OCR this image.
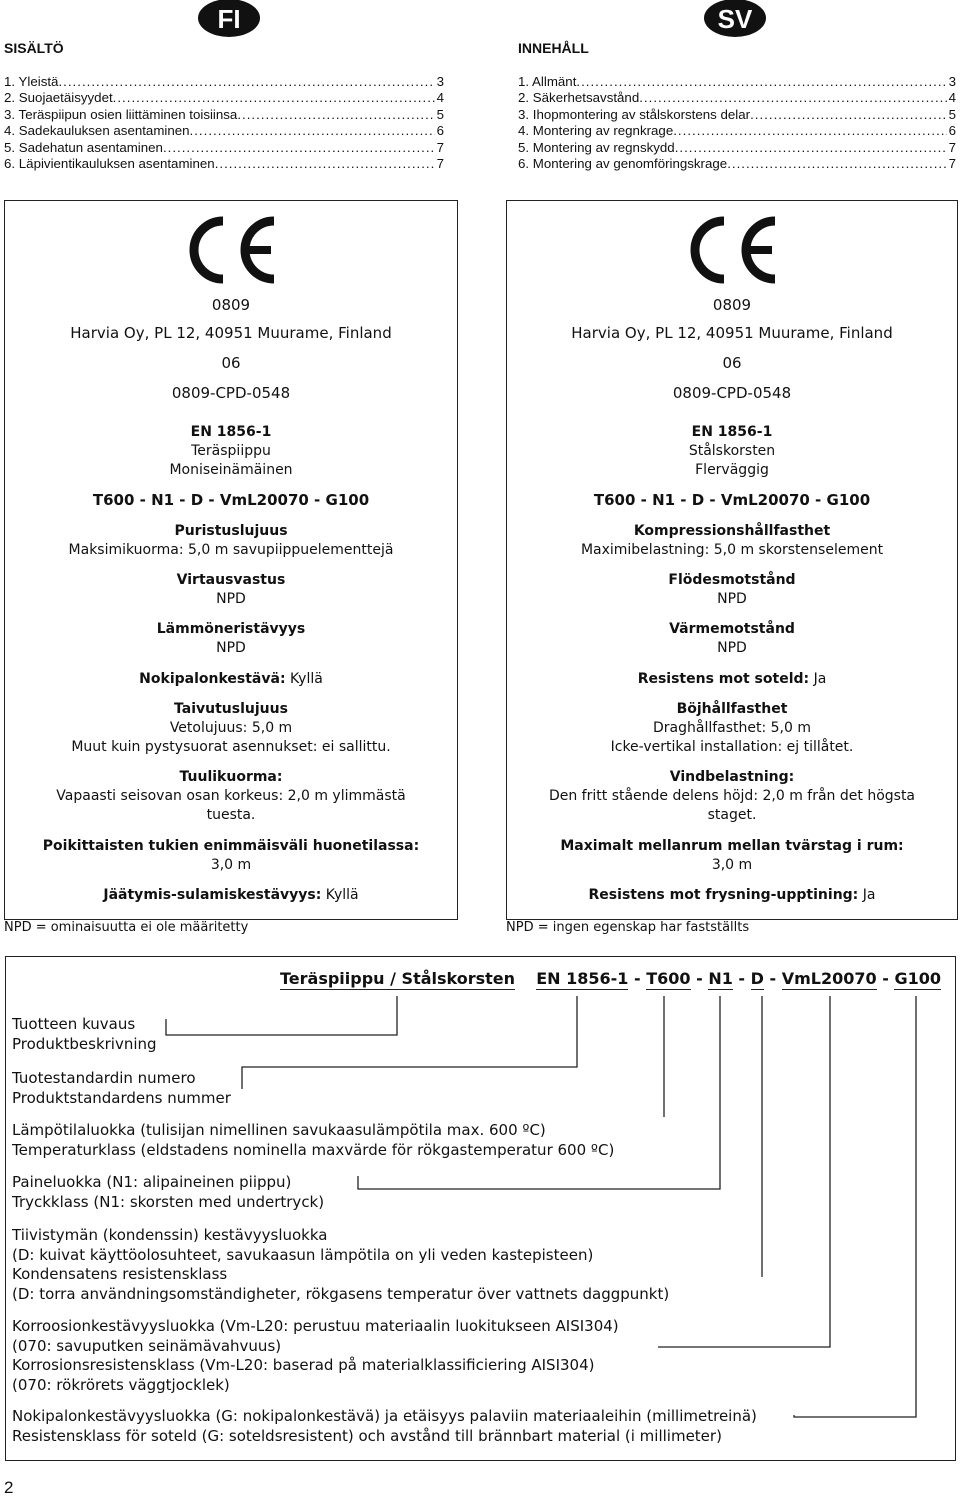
FI	SV
SISÄLTÖ
1. Yleistä .....	3
2. Suojaetäisyydet .....	4
3. Teräspiipun osien liittäminen toisiinsa .....	5
4. Sadekauluksen asentaminen .....	6
5. Sadehatun asentaminen .....	7
6. Läpivientikauluksen asentaminen .....	7
INNEHÅLL
1. Allmänt .....	3
2. Säkerhetsavstånd .....	4
3. Ihopmontering av stålskorstens delar .....	5
4. Montering av regnkrage .....	6
5. Montering av regnskydd .....	7
6. Montering av genomföringskrage .....	7
0809
Harvia Oy, PL 12, 40951 Muurame, Finland
06
0809-CPD-0548
EN 1856-1
Teräspiippu
Moniseinämäinen
T600 - N1 - D - VmL20070 - G100
Puristuslujuus
Maksimikuorma: 5,0 m savupiippuelementtejä
Virtausvastus
NPD
Lämmöneristävyys
NPD
Nokipalonkestävä: Kyllä
Taivutuslujuus
Vetolujuus: 5,0 m
Muut kuin pystysuorat asennukset: ei sallittu.
Tuulikuorma:
Vapaasti seisovan osan korkeus: 2,0 m ylimmästä
tuesta.
Poikittaisten tukien enimmäisväli huonetilassa:
3,0 m
Jäätymis-sulamiskestävyys: Kyllä
0809
Harvia Oy, PL 12, 40951 Muurame, Finland
06
0809-CPD-0548
EN 1856-1
Stålskorsten
Flerväggig
T600 - N1 - D - VmL20070 - G100
Kompressionshållfasthet
Maximibelastning: 5,0 m skorstenselement
Flödesmotstånd
NPD
Värmemotstånd
NPD
Resistens mot soteld: Ja
Böjhållfasthet
Draghållfasthet: 5,0 m
Icke-vertikal installation: ej tillåtet.
Vindbelastning:
Den fritt stående delens höjd: 2,0 m från det högsta
staget.
Maximalt mellanrum mellan tvärstag i rum:
3,0 m
Resistens mot frysning-upptining: Ja
NPD = ominaisuutta ei ole määritetty	NPD = ingen egenskap har fastställts
Teräspiippu / Stålskorsten EN 1856-1 - T600 - N1 - D - VmL20070 - G100
Tuotteen kuvaus
Produktbeskrivning
Tuotestandardin numero
Produktstandardens nummer
Lämpötilaluokka (tulisijan nimellinen savukaasulämpötila max. 600 ºC)
Temperaturklass (eldstadens nominella maxvärde för rökgastemperatur 600 ºC)
Paineluokka (N1: alipaineinen piippu)
Tryckklass (N1: skorsten med undertryck)
Tiivistymän (kondenssin) kestävyysluokka
(D: kuivat käyttöolosuhteet, savukaasun lämpötila on yli veden kastepisteen)
Kondensatens resistensklass
(D: torra användningsomständigheter, rökgasens temperatur över vattnets daggpunkt)
Korroosionkestävyysluokka (Vm-L20: perustuu materiaalin luokitukseen AISI304)
(070: savuputken seinämävahvuus)
Korrosionsresistensklass (Vm-L20: baserad på materialklassificiering AISI304)
(070: rökrörets väggtjocklek)
Nokipalonkestävyysluokka (G: nokipalonkestävä) ja etäisyys palaviin materiaaleihin (millimetreinä)
Resistensklass för soteld (G: soteldsresistent) och avstånd till brännbart material (i millimeter)
2
